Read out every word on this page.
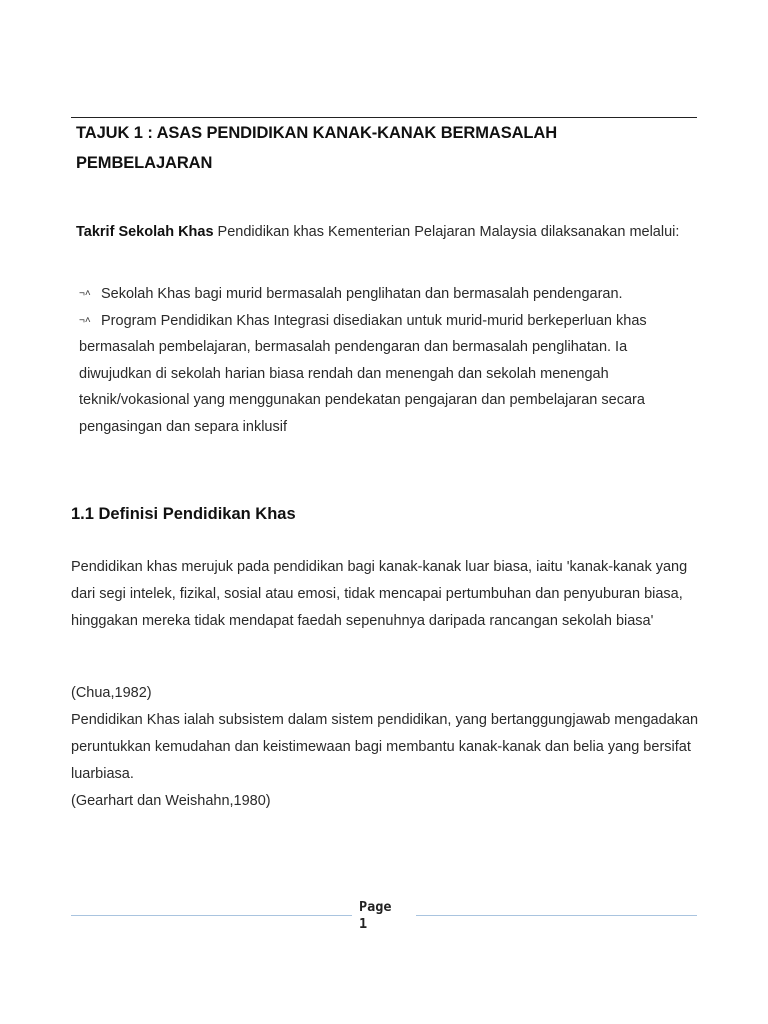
TAJUK 1 : ASAS PENDIDIKAN KANAK-KANAK BERMASALAH PEMBELAJARAN
Takrif Sekolah Khas Pendidikan khas Kementerian Pelajaran Malaysia dilaksanakan melalui:
¬˄ Sekolah Khas bagi murid bermasalah penglihatan dan bermasalah pendengaran.
¬˄ Program Pendidikan Khas Integrasi disediakan untuk murid-murid berkeperluan khas bermasalah pembelajaran, bermasalah pendengaran dan bermasalah penglihatan. Ia diwujudkan di sekolah harian biasa rendah dan menengah dan sekolah menengah teknik/vokasional yang menggunakan pendekatan pengajaran dan pembelajaran secara pengasingan dan separa inklusif
1.1 Definisi Pendidikan Khas
Pendidikan khas merujuk pada pendidikan bagi kanak-kanak luar biasa, iaitu 'kanak-kanak yang dari segi intelek, fizikal, sosial atau emosi, tidak mencapai pertumbuhan dan penyuburan biasa, hinggakan mereka tidak mendapat faedah sepenuhnya daripada rancangan sekolah biasa'
(Chua,1982)
Pendidikan Khas ialah subsistem dalam sistem pendidikan, yang bertanggungjawab mengadakan peruntukkan kemudahan dan keistimewaan bagi membantu kanak-kanak dan belia yang bersifat luarbiasa.
(Gearhart dan Weishahn,1980)
Page
1
